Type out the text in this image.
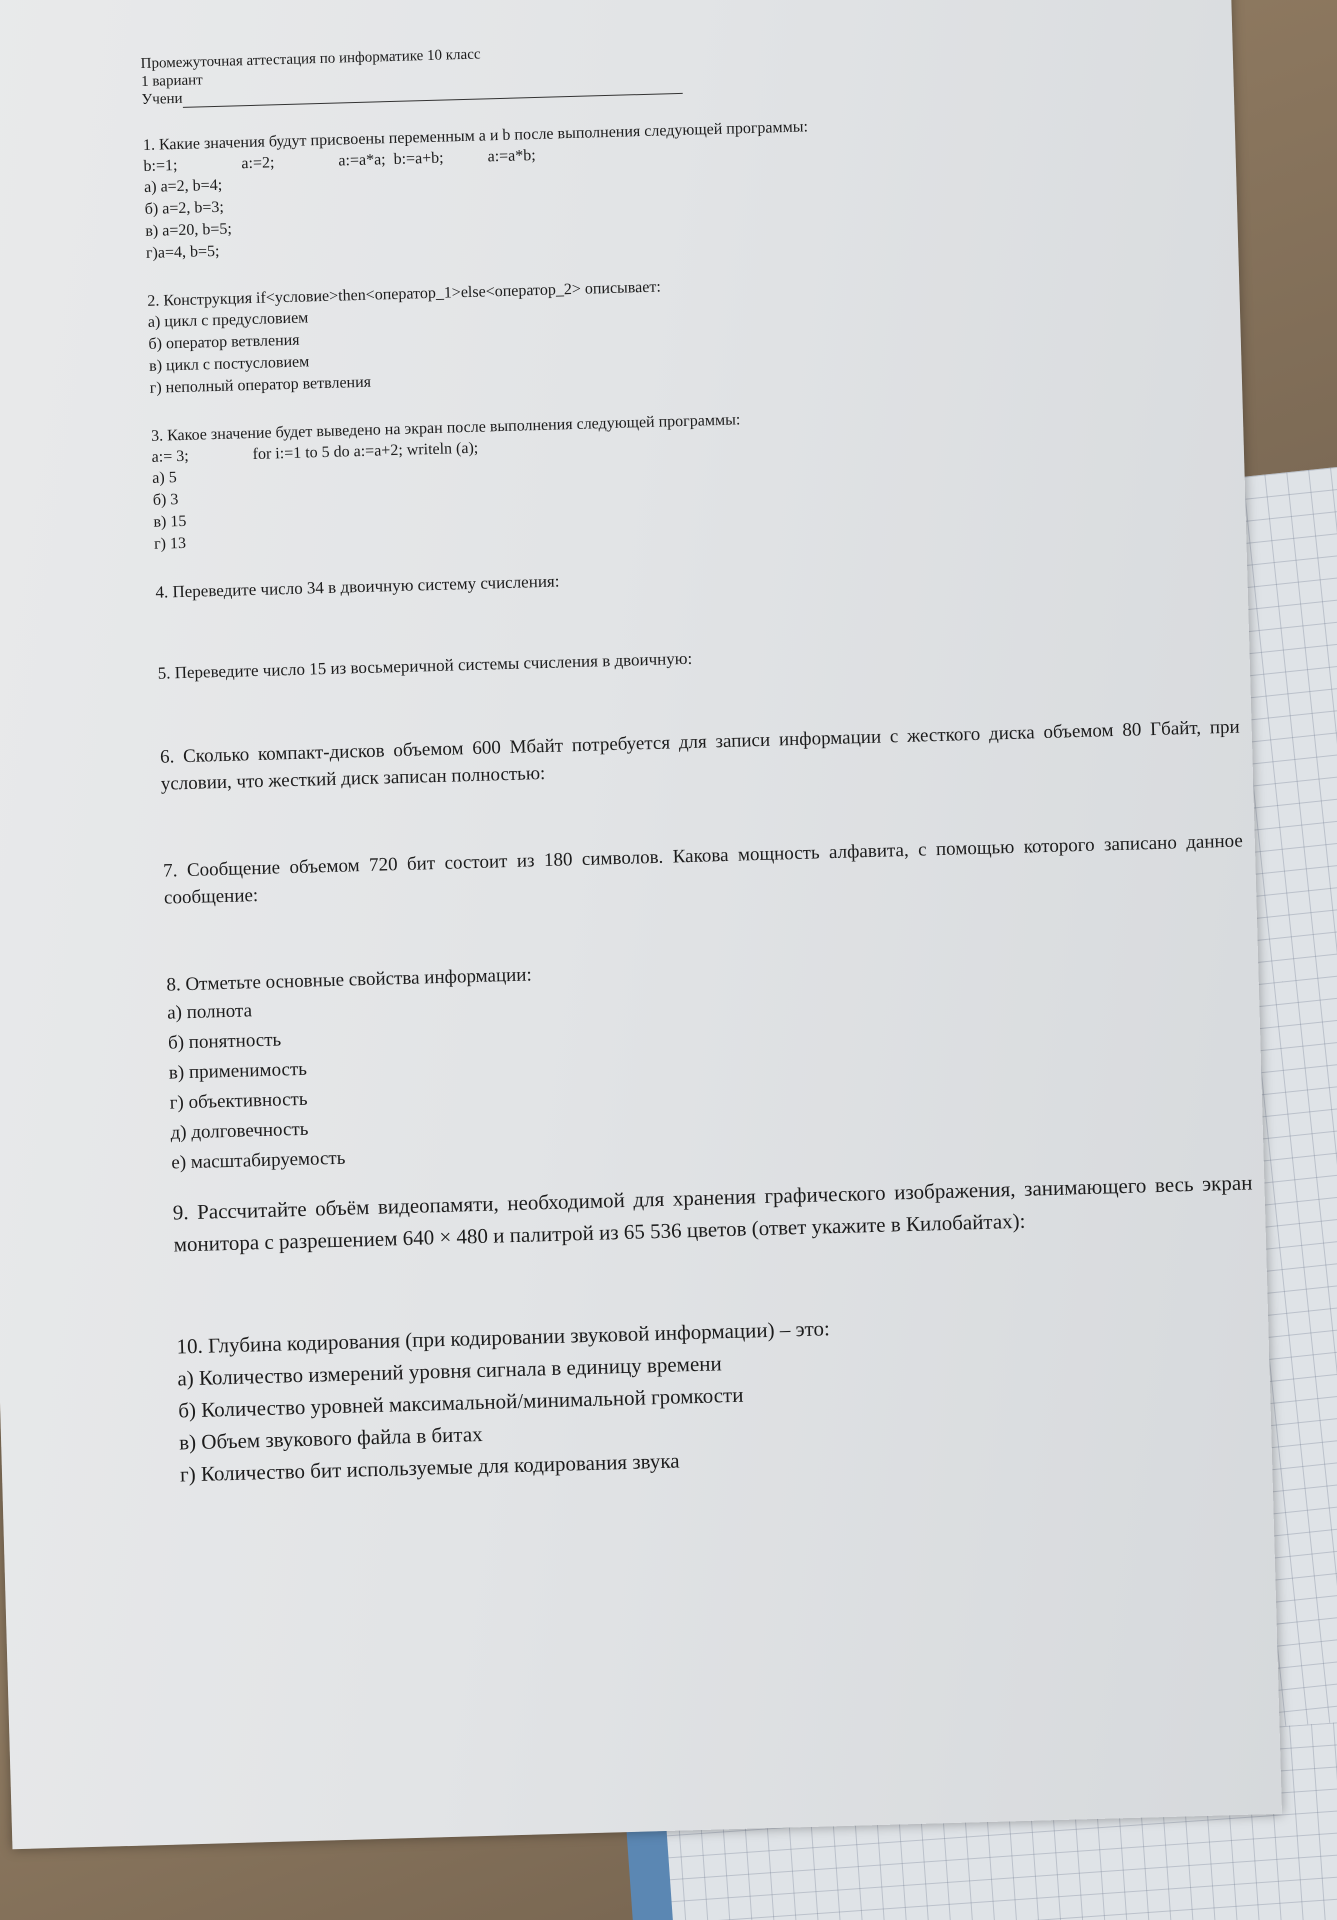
Промежуточная аттестация по информатике 10 класс

1 вариант

Учени

1. Какие значения будут присвоены переменным a и b после выполнения следующей программы:

b:=1;                a:=2;                a:=a*a;  b:=a+b;           a:=a*b;

а) a=2, b=4;

б) a=2, b=3;

в) a=20, b=5;

г)a=4, b=5;

2. Конструкция if<условие>then<оператор_1>else<оператор_2> описывает:

а) цикл с предусловием

б) оператор ветвления

в) цикл с постусловием

г) неполный оператор ветвления

3. Какое значение будет выведено на экран после выполнения следующей программы:

a:= 3;                for i:=1 to 5 do a:=a+2; writeln (a);

а) 5

б) 3

в) 15

г) 13

4. Переведите число 34 в двоичную систему счисления:

5. Переведите число 15 из восьмеричной системы счисления в двоичную:

6. Сколько компакт-дисков объемом 600 Мбайт потребуется для записи информации с жесткого диска объемом 80 Гбайт, при условии, что жесткий диск записан полностью:

7. Сообщение объемом 720 бит состоит из 180 символов. Какова мощность алфавита, с помощью которого записано данное сообщение:

8. Отметьте основные свойства информации:

а) полнота

б) понятность

в) применимость

г) объективность

д) долговечность

е) масштабируемость

9. Рассчитайте объём видеопамяти, необходимой для хранения графического изображения, занимающего весь экран монитора с разрешением 640 × 480 и палитрой из 65 536 цветов (ответ укажите в Килобайтах):

10. Глубина кодирования (при кодировании звуковой информации) – это:

а) Количество измерений уровня сигнала в единицу времени

б) Количество уровней максимальной/минимальной громкости

в) Объем звукового файла в битах

г) Количество бит используемые для кодирования звука
